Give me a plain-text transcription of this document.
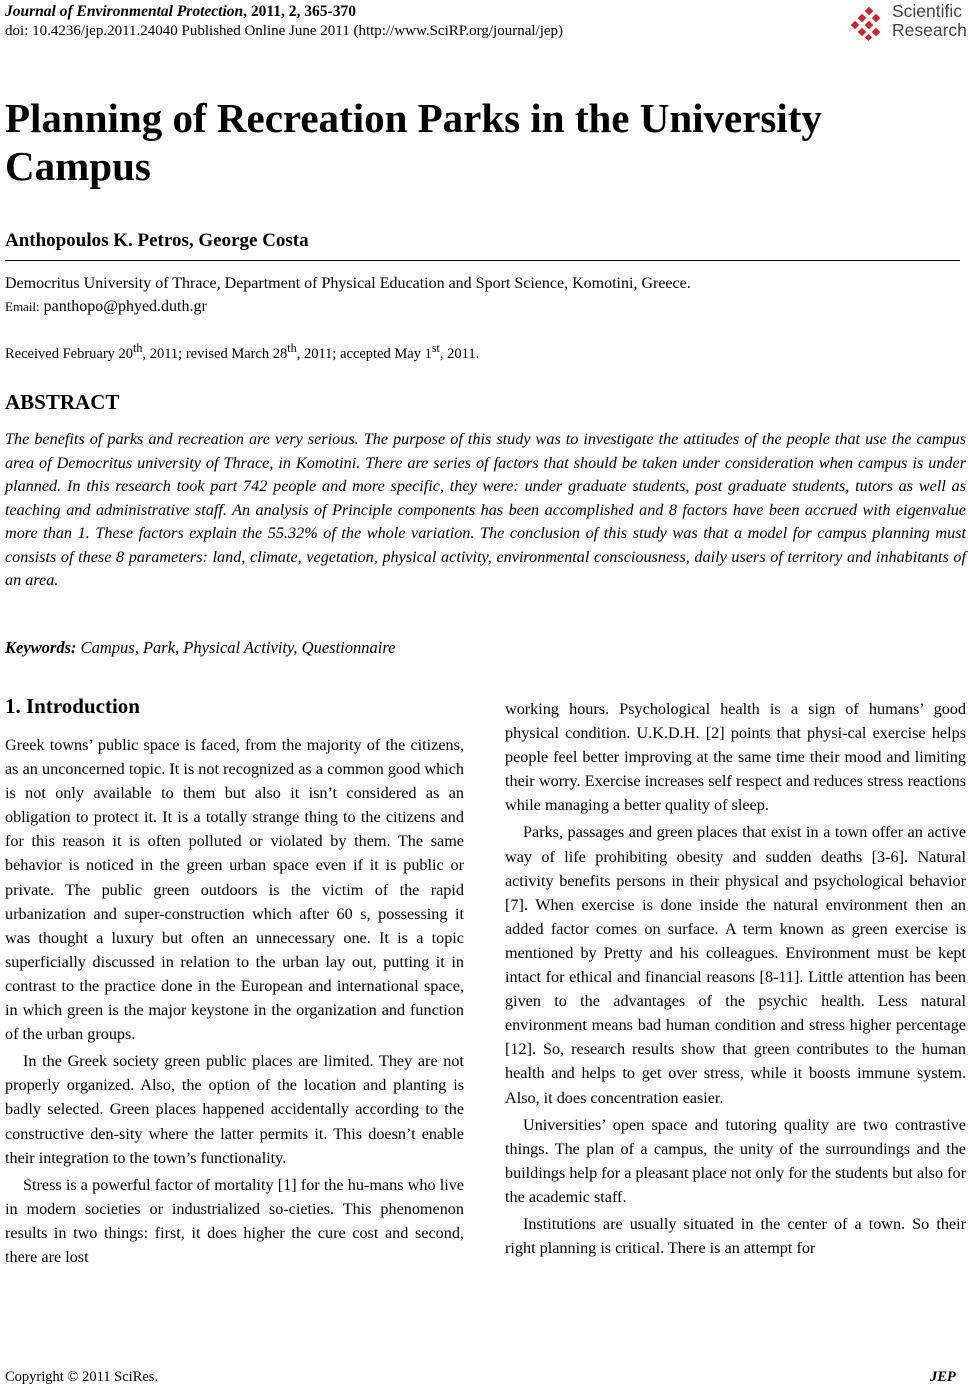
Journal of Environmental Protection, 2011, 2, 365-370
doi: 10.4236/jep.2011.24040 Published Online June 2011 (http://www.SciRP.org/journal/jep)
Scientific
Research
Planning of Recreation Parks in the University Campus
Anthopoulos K. Petros, George Costa
Democritus University of Thrace, Department of Physical Education and Sport Science, Komotini, Greece.
Email: panthopo@phyed.duth.gr
Received February 20th, 2011; revised March 28th, 2011; accepted May 1st, 2011.
ABSTRACT
The benefits of parks and recreation are very serious. The purpose of this study was to investigate the attitudes of the people that use the campus area of Democritus university of Thrace, in Komotini. There are series of factors that should be taken under consideration when campus is under planned. In this research took part 742 people and more specific, they were: under graduate students, post graduate students, tutors as well as teaching and administrative staff. An analysis of Principle components has been accomplished and 8 factors have been accrued with eigenvalue more than 1. These factors explain the 55.32% of the whole variation. The conclusion of this study was that a model for campus planning must consists of these 8 parameters: land, climate, vegetation, physical activity, environmental consciousness, daily users of territory and inhabitants of an area.
Keywords: Campus, Park, Physical Activity, Questionnaire
1. Introduction

Greek towns’ public space is faced, from the majority of the citizens, as an unconcerned topic. It is not recognized as a common good which is not only available to them but also it isn’t considered as an obligation to protect it. It is a totally strange thing to the citizens and for this reason it is often polluted or violated by them. The same behavior is noticed in the green urban space even if it is public or private. The public green outdoors is the victim of the rapid urbanization and super-construction which after 60 s, possessing it was thought a luxury but often an unnecessary one. It is a topic superficially discussed in relation to the urban lay out, putting it in contrast to the practice done in the European and international space, in which green is the major keystone in the organization and function of the urban groups.

In the Greek society green public places are limited. They are not properly organized. Also, the option of the location and planting is badly selected. Green places happened accidentally according to the constructive den-sity where the latter permits it. This doesn’t enable their integration to the town’s functionality.

Stress is a powerful factor of mortality [1] for the hu-mans who live in modern societies or industrialized so-cieties. This phenomenon results in two things: first, it does higher the cure cost and second, there are lost

working hours. Psychological health is a sign of humans’ good physical condition. U.K.D.H. [2] points that physi-cal exercise helps people feel better improving at the same time their mood and limiting their worry. Exercise increases self respect and reduces stress reactions while managing a better quality of sleep.

Parks, passages and green places that exist in a town offer an active way of life prohibiting obesity and sudden deaths [3-6]. Natural activity benefits persons in their physical and psychological behavior [7]. When exercise is done inside the natural environment then an added factor comes on surface. A term known as green exercise is mentioned by Pretty and his colleagues. Environment must be kept intact for ethical and financial reasons [8-11]. Little attention has been given to the advantages of the psychic health. Less natural environment means bad human condition and stress higher percentage [12]. So, research results show that green contributes to the human health and helps to get over stress, while it boosts immune system. Also, it does concentration easier.

Universities’ open space and tutoring quality are two contrastive things. The plan of a campus, the unity of the surroundings and the buildings help for a pleasant place not only for the students but also for the academic staff.

Institutions are usually situated in the center of a town. So their right planning is critical. There is an attempt for

Copyright © 2011 SciRes.	JEP
